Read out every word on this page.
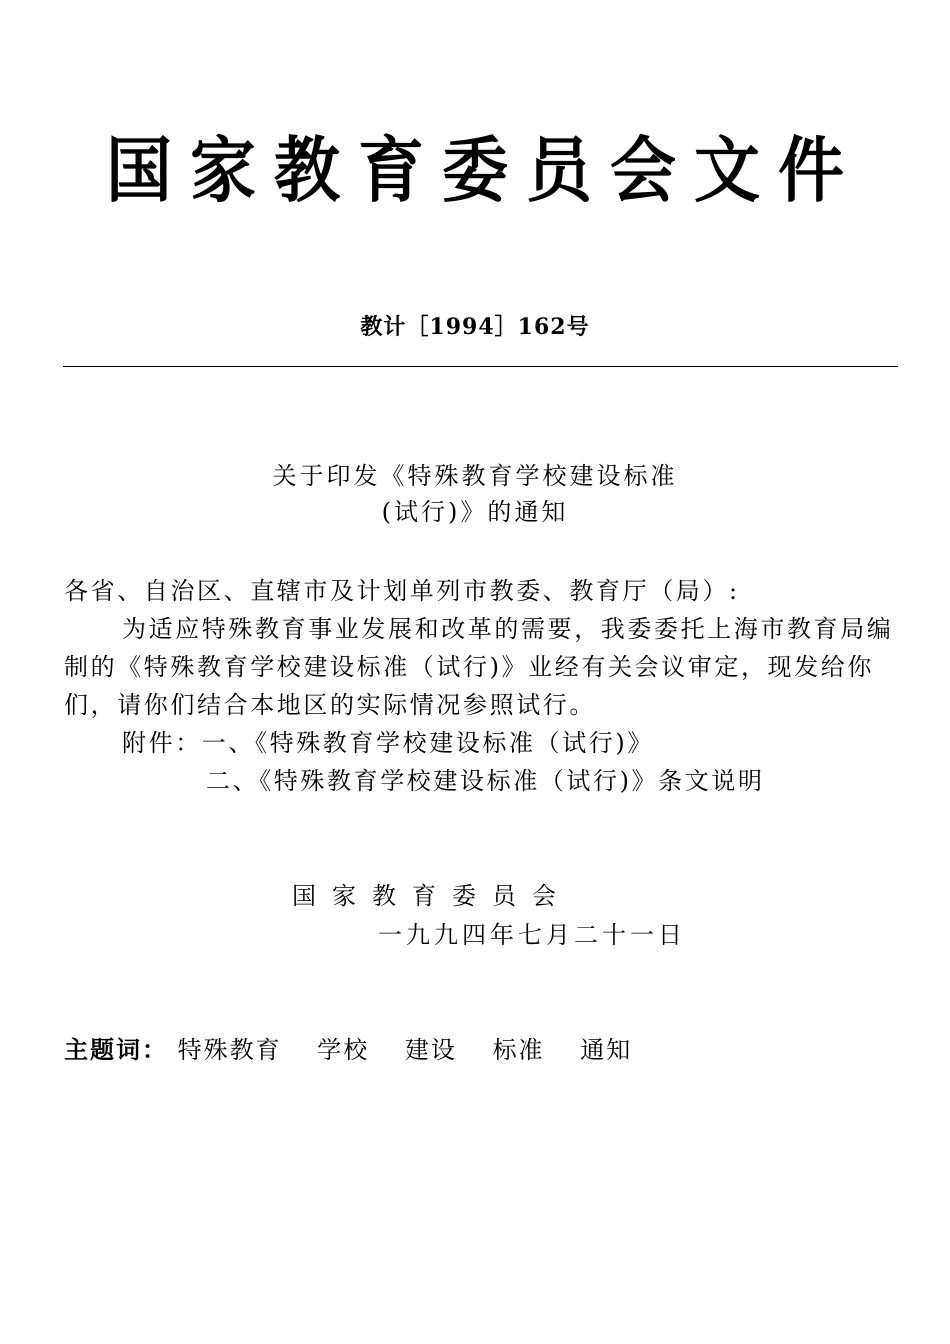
国家教育委员会文件
教计［1994］162号
关于印发《特殊教育学校建设标准
(试行)》的通知

各省、自治区、直辖市及计划单列市教委、教育厅（局）:

为适应特殊教育事业发展和改革的需要，我委委托上海市教育局编制的《特殊教育学校建设标准（试行)》业经有关会议审定，现发给你们，请你们结合本地区的实际情况参照试行。

附件：一、《特殊教育学校建设标准（试行)》

二、《特殊教育学校建设标准（试行)》条文说明

国家教育委员会
一九九四年七月二十一日
主题词： 特殊教育 学校 建设 标准 通知
